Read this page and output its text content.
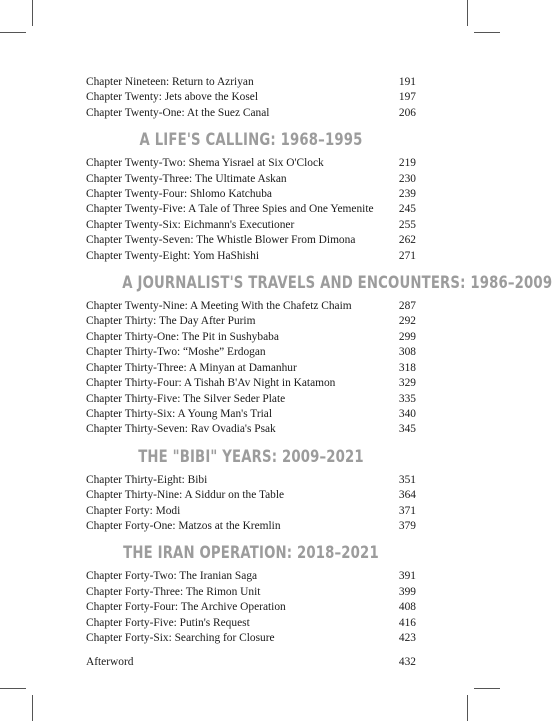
Chapter Nineteen: Return to Azriyan	191
Chapter Twenty: Jets above the Kosel	197
Chapter Twenty-One: At the Suez Canal	206
A LIFE'S CALLING: 1968–1995
Chapter Twenty-Two: Shema Yisrael at Six O'Clock	219
Chapter Twenty-Three: The Ultimate Askan	230
Chapter Twenty-Four: Shlomo Katchuba	239
Chapter Twenty-Five: A Tale of Three Spies and One Yemenite	245
Chapter Twenty-Six: Eichmann's Executioner	255
Chapter Twenty-Seven: The Whistle Blower From Dimona	262
Chapter Twenty-Eight: Yom HaShishi	271
A JOURNALIST'S TRAVELS AND ENCOUNTERS: 1986–2009
Chapter Twenty-Nine: A Meeting With the Chafetz Chaim	287
Chapter Thirty: The Day After Purim	292
Chapter Thirty-One: The Pit in Sushybaba	299
Chapter Thirty-Two: “Moshe” Erdogan	308
Chapter Thirty-Three: A Minyan at Damanhur	318
Chapter Thirty-Four: A Tishah B'Av Night in Katamon	329
Chapter Thirty-Five: The Silver Seder Plate	335
Chapter Thirty-Six: A Young Man's Trial	340
Chapter Thirty-Seven: Rav Ovadia's Psak	345
THE "BIBI" YEARS: 2009–2021
Chapter Thirty-Eight: Bibi	351
Chapter Thirty-Nine: A Siddur on the Table	364
Chapter Forty: Modi	371
Chapter Forty-One: Matzos at the Kremlin	379
THE IRAN OPERATION: 2018–2021
Chapter Forty-Two: The Iranian Saga	391
Chapter Forty-Three: The Rimon Unit	399
Chapter Forty-Four: The Archive Operation	408
Chapter Forty-Five: Putin's Request	416
Chapter Forty-Six: Searching for Closure	423
Afterword	432
